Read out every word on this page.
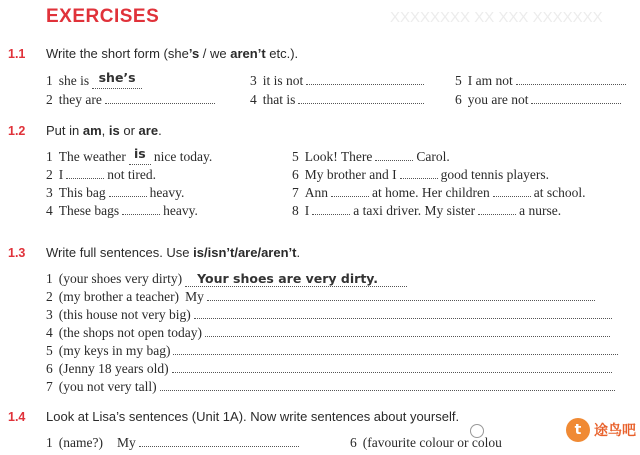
EXERCISES	XXXXXXXX XX XXX XXXXXXX
1.1 Write the short form (she’s / we aren’t etc.).
1 she is she’s
2 they are
3 it is not
4 that is
5 I am not
6 you are not
1.2 Put in am, is or are.
1 The weather is nice today.
2 I	not tired.
3 This bag	heavy.
4 These bags	heavy.
5 Look! There	Carol.
6 My brother and I	good tennis players.
7 Ann	at home. Her children	at school.
8 I	a taxi driver. My sister	a nurse.
1.3 Write full sentences. Use is/isn’t/are/aren’t.
1 (your shoes very dirty)	Your shoes are very dirty.
2 (my brother a teacher) My
3 (this house not very big)
4 (the shops not open today)
5 (my keys in my bag)
6 (Jenny 18 years old)
7 (you not very tall)
1.4 Look at Lisa’s sentences (Unit 1A). Now write sentences about yourself.
1 (name?) My	6 (favourite colour or colou
t 途鸟吧
